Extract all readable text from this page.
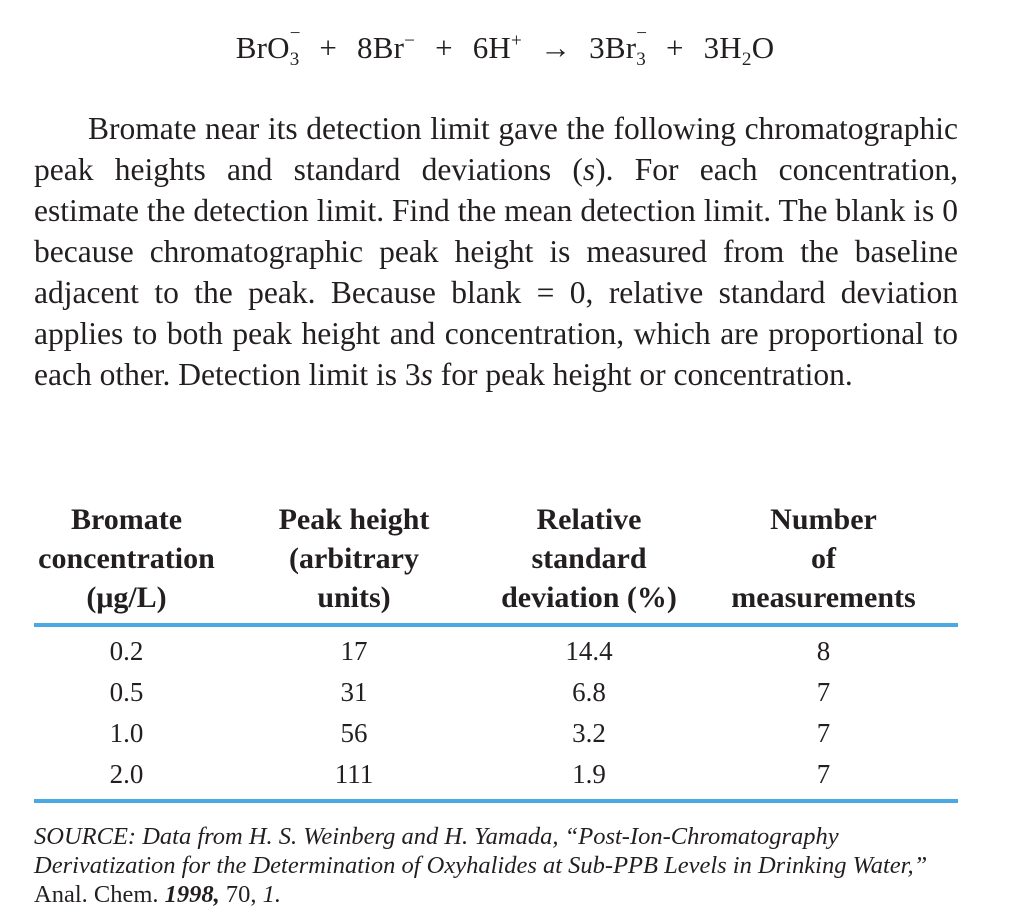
BrO −
3 + 8Br− + 6H+ → 3Br −
$3 + 3H_2O$

Bromate near its detection limit gave the following chromatographic peak heights and standard deviations (s). For each concentration, estimate the detection limit. Find the mean detection limit. The blank is 0 because chromatographic peak height is measured from the baseline adjacent to the peak. Because blank = 0, relative standard deviation applies to both peak height and concentration, which are proportional to each other. Detection limit is 3s for peak height or concentration.

Bromate
concentration
(μg/L)	Peak height
(arbitrary
units)	Relative
standard
deviation (%)	Number
of
measurements
0.2	17	14.4	8
0.5	31	6.8	7
1.0	56	3.2	7
2.0	111	1.9	7

SOURCE: Data from H. S. Weinberg and H. Yamada, “Post-Ion-Chromatography Derivatization for the Determination of Oxyhalides at Sub-PPB Levels in Drinking Water,”
Anal. Chem. 1998, 70, 1.
